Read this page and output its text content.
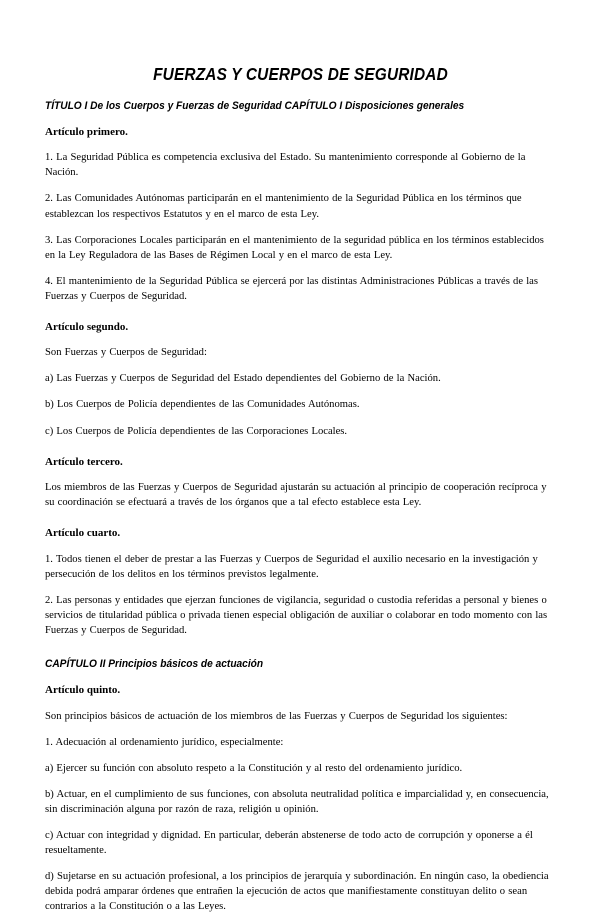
FUERZAS Y CUERPOS DE SEGURIDAD
TÍTULO I De los Cuerpos y Fuerzas de Seguridad CAPÍTULO I Disposiciones generales
Artículo primero.

1. La Seguridad Pública es competencia exclusiva del Estado. Su mantenimiento corresponde al Gobierno de la Nación.

2. Las Comunidades Autónomas participarán en el mantenimiento de la Seguridad Pública en los términos que establezcan los respectivos Estatutos y en el marco de esta Ley.

3. Las Corporaciones Locales participarán en el mantenimiento de la seguridad pública en los términos establecidos en la Ley Reguladora de las Bases de Régimen Local y en el marco de esta Ley.

4. El mantenimiento de la Seguridad Pública se ejercerá por las distintas Administraciones Públicas a través de las Fuerzas y Cuerpos de Seguridad.

Artículo segundo.

Son Fuerzas y Cuerpos de Seguridad:

a) Las Fuerzas y Cuerpos de Seguridad del Estado dependientes del Gobierno de la Nación.

b) Los Cuerpos de Policía dependientes de las Comunidades Autónomas.

c) Los Cuerpos de Policía dependientes de las Corporaciones Locales.

Artículo tercero.

Los miembros de las Fuerzas y Cuerpos de Seguridad ajustarán su actuación al principio de cooperación recíproca y su coordinación se efectuará a través de los órganos que a tal efecto establece esta Ley.

Artículo cuarto.

1. Todos tienen el deber de prestar a las Fuerzas y Cuerpos de Seguridad el auxilio necesario en la investigación y persecución de los delitos en los términos previstos legalmente.

2. Las personas y entidades que ejerzan funciones de vigilancia, seguridad o custodia referidas a personal y bienes o servicios de titularidad pública o privada tienen especial obligación de auxiliar o colaborar en todo momento con las Fuerzas y Cuerpos de Seguridad.

CAPÍTULO II Principios básicos de actuación
Artículo quinto.

Son principios básicos de actuación de los miembros de las Fuerzas y Cuerpos de Seguridad los siguientes:

1. Adecuación al ordenamiento jurídico, especialmente:

a) Ejercer su función con absoluto respeto a la Constitución y al resto del ordenamiento jurídico.

b) Actuar, en el cumplimiento de sus funciones, con absoluta neutralidad política e imparcialidad y, en consecuencia, sin discriminación alguna por razón de raza, religión u opinión.

c) Actuar con integridad y dignidad. En particular, deberán abstenerse de todo acto de corrupción y oponerse a él resueltamente.

d) Sujetarse en su actuación profesional, a los principios de jerarquía y subordinación. En ningún caso, la obediencia debida podrá amparar órdenes que entrañen la ejecución de actos que manifiestamente constituyan delito o sean contrarios a la Constitución o a las Leyes.
